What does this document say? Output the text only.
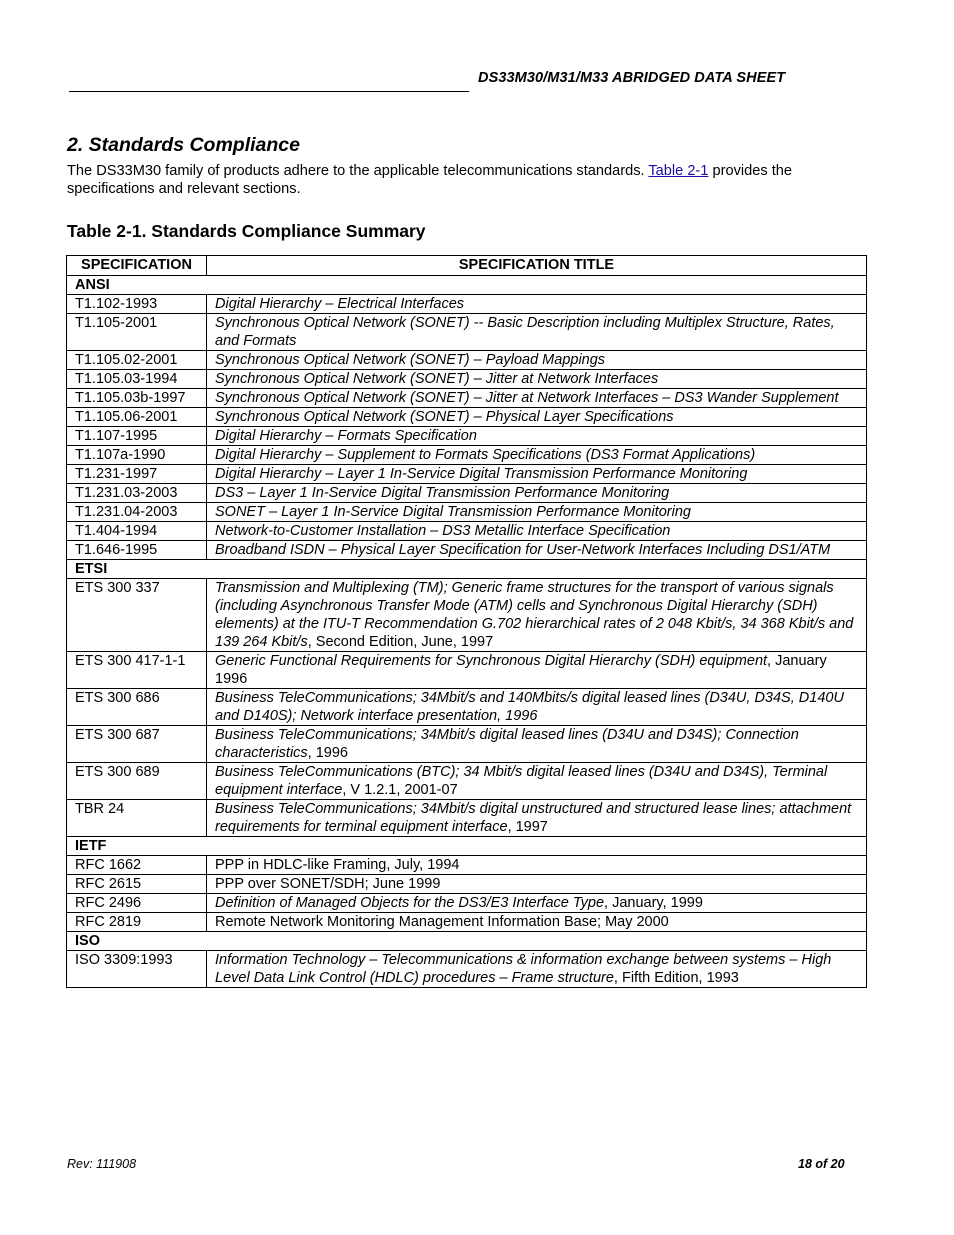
DS33M30/M31/M33 ABRIDGED DATA SHEET
2. Standards Compliance
The DS33M30 family of products adhere to the applicable telecommunications standards. Table 2-1 provides the specifications and relevant sections.
Table 2-1. Standards Compliance Summary
SPECIFICATION	SPECIFICATION TITLE
ANSI	
T1.102-1993	Digital Hierarchy – Electrical Interfaces
T1.105-2001	Synchronous Optical Network (SONET) -- Basic Description including Multiplex Structure, Rates, and Formats
T1.105.02-2001	Synchronous Optical Network (SONET) – Payload Mappings
T1.105.03-1994	Synchronous Optical Network (SONET) – Jitter at Network Interfaces
T1.105.03b-1997	Synchronous Optical Network (SONET) – Jitter at Network Interfaces – DS3 Wander Supplement
T1.105.06-2001	Synchronous Optical Network (SONET) – Physical Layer Specifications
T1.107-1995	Digital Hierarchy – Formats Specification
T1.107a-1990	Digital Hierarchy – Supplement to Formats Specifications (DS3 Format Applications)
T1.231-1997	Digital Hierarchy – Layer 1 In-Service Digital Transmission Performance Monitoring
T1.231.03-2003	DS3 – Layer 1 In-Service Digital Transmission Performance Monitoring
T1.231.04-2003	SONET – Layer 1 In-Service Digital Transmission Performance Monitoring
T1.404-1994	Network-to-Customer Installation – DS3 Metallic Interface Specification
T1.646-1995	Broadband ISDN – Physical Layer Specification for User-Network Interfaces Including DS1/ATM
ETSI	
ETS 300 337	Transmission and Multiplexing (TM); Generic frame structures for the transport of various signals (including Asynchronous Transfer Mode (ATM) cells and Synchronous Digital Hierarchy (SDH) elements) at the ITU-T Recommendation G.702 hierarchical rates of 2 048 Kbit/s, 34 368 Kbit/s and 139 264 Kbit/s, Second Edition, June, 1997
ETS 300 417-1-1	Generic Functional Requirements for Synchronous Digital Hierarchy (SDH) equipment, January 1996
ETS 300 686	Business TeleCommunications; 34Mbit/s and 140Mbits/s digital leased lines (D34U, D34S, D140U and D140S); Network interface presentation, 1996
ETS 300 687	Business TeleCommunications; 34Mbit/s digital leased lines (D34U and D34S); Connection characteristics, 1996
ETS 300 689	Business TeleCommunications (BTC); 34 Mbit/s digital leased lines (D34U and D34S), Terminal equipment interface, V 1.2.1, 2001-07
TBR 24	Business TeleCommunications; 34Mbit/s digital unstructured and structured lease lines; attachment requirements for terminal equipment interface, 1997
IETF	
RFC 1662	PPP in HDLC-like Framing, July, 1994
RFC 2615	PPP over SONET/SDH; June 1999
RFC 2496	Definition of Managed Objects for the DS3/E3 Interface Type, January, 1999
RFC 2819	Remote Network Monitoring Management Information Base; May 2000
ISO	
ISO 3309:1993	Information Technology – Telecommunications & information exchange between systems – High Level Data Link Control (HDLC) procedures – Frame structure, Fifth Edition, 1993
Rev: 111908	18 of 20
